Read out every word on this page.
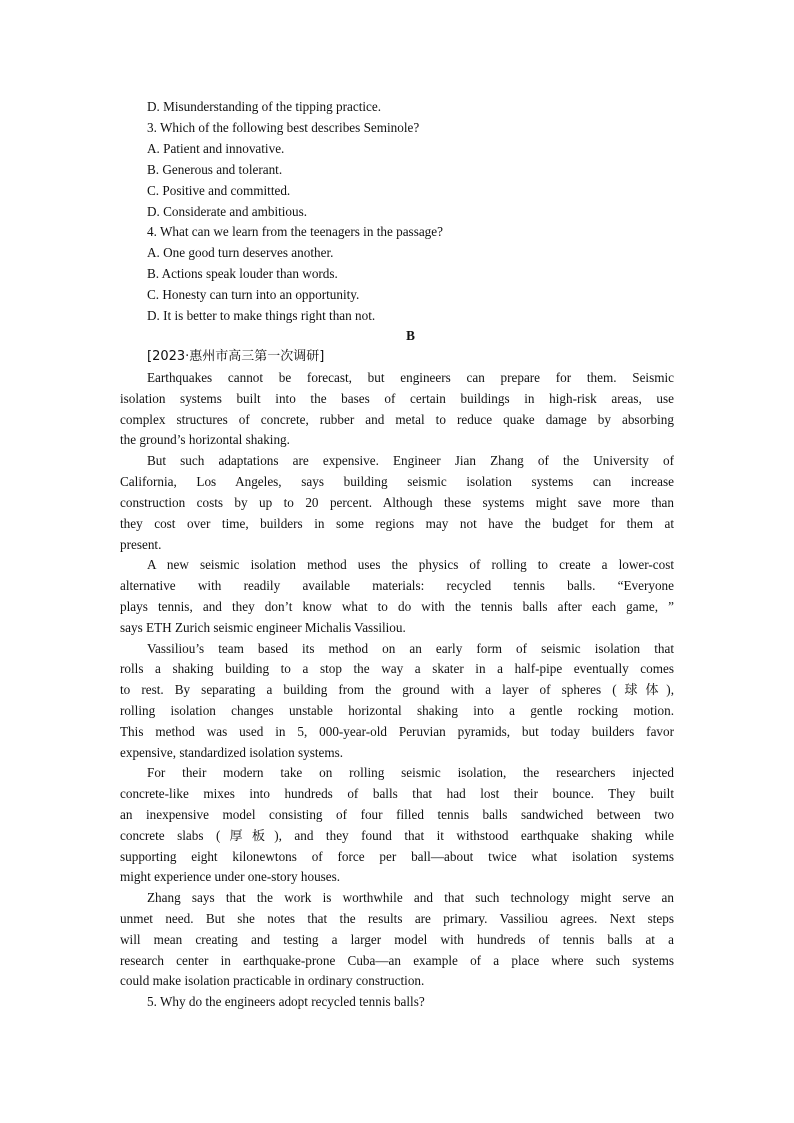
D. Misunderstanding of the tipping practice.
3. Which of the following best describes Seminole?
A. Patient and innovative.
B. Generous and tolerant.
C. Positive and committed.
D. Considerate and ambitious.
4. What can we learn from the teenagers in the passage?
A. One good turn deserves another.
B. Actions speak louder than words.
C. Honesty can turn into an opportunity.
D. It is better to make things right than not.
B
[2023·惠州市高三第一次调研]
Earthquakes cannot be forecast, but engineers can prepare for them. Seismic
isolation systems built into the bases of certain buildings in high-risk areas, use
complex structures of concrete, rubber and metal to reduce quake damage by absorbing
the ground’s horizontal shaking.
But such adaptations are expensive. Engineer Jian Zhang of the University of
California, Los Angeles, says building seismic isolation systems can increase
construction costs by up to 20 percent. Although these systems might save more than
they cost over time, builders in some regions may not have the budget for them at
present.
A new seismic isolation method uses the physics of rolling to create a lower-cost
alternative with readily available materials: recycled tennis balls. “Everyone
plays tennis, and they don’t know what to do with the tennis balls after each game, ”
says ETH Zurich seismic engineer Michalis Vassiliou.
Vassiliou’s team based its method on an early form of seismic isolation that
rolls a shaking building to a stop the way a skater in a half-pipe eventually comes
to rest. By separating a building from the ground with a layer of spheres (球体),
rolling isolation changes unstable horizontal shaking into a gentle rocking motion.
This method was used in 5, 000-year-old Peruvian pyramids, but today builders favor
expensive, standardized isolation systems.
For their modern take on rolling seismic isolation, the researchers injected
concrete-like mixes into hundreds of balls that had lost their bounce. They built
an inexpensive model consisting of four filled tennis balls sandwiched between two
concrete slabs (厚板), and they found that it withstood earthquake shaking while
supporting eight kilonewtons of force per ball—about twice what isolation systems
might experience under one-story houses.
Zhang says that the work is worthwhile and that such technology might serve an
unmet need. But she notes that the results are primary. Vassiliou agrees. Next steps
will mean creating and testing a larger model with hundreds of tennis balls at a
research center in earthquake-prone Cuba—an example of a place where such systems
could make isolation practicable in ordinary construction.
5. Why do the engineers adopt recycled tennis balls?
